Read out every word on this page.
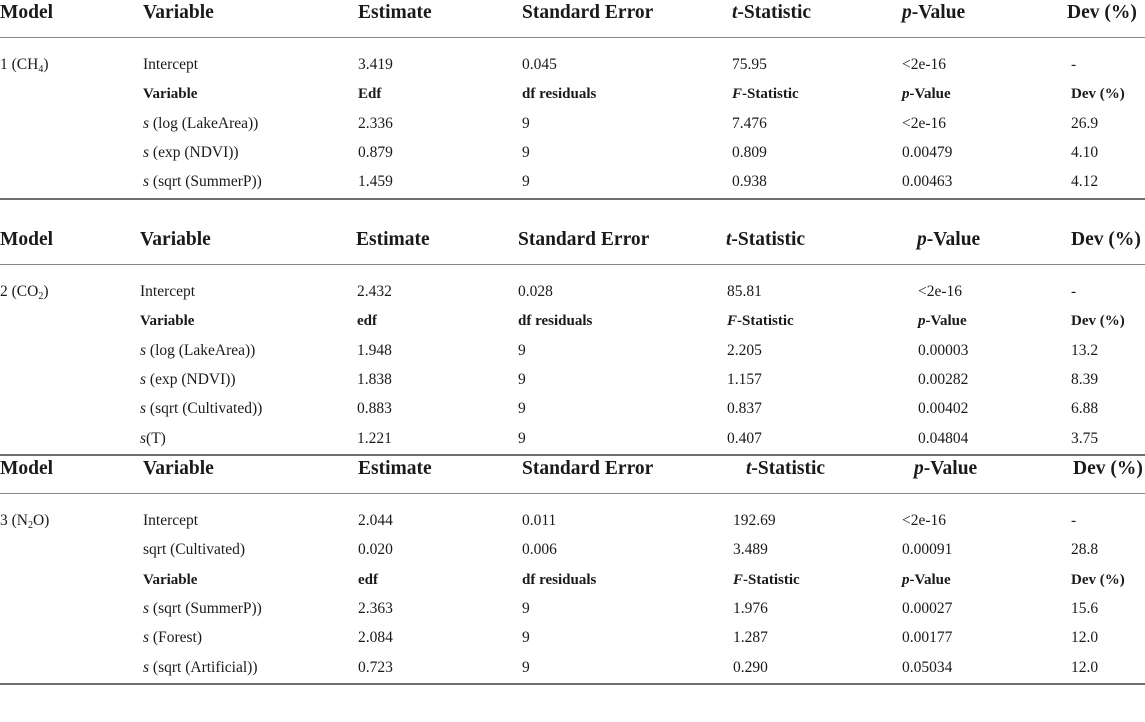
Model	Variable	Estimate	Standard Error	t-Statistic	p-Value	Dev (%)
1 $(CH_4)$	Intercept	3.419	0.045	75.95	<2e-16	-
Variable	Edf	df residuals	F-Statistic	p-Value	Dev (%)
s (log (LakeArea))	2.336	9	7.476	<2e-16	26.9
s (exp (NDVI))	0.879	9	0.809	0.00479	4.10
s (sqrt (SummerP))	1.459	9	0.938	0.00463	4.12
Model	Variable	Estimate	Standard Error	t-Statistic	p-Value	Dev (%)
2 $(CO_2)$	Intercept	2.432	0.028	85.81	<2e-16	-
Variable	edf	df residuals	F-Statistic	p-Value	Dev (%)
s (log (LakeArea))	1.948	9	2.205	0.00003	13.2
s (exp (NDVI))	1.838	9	1.157	0.00282	8.39
s (sqrt (Cultivated))	0.883	9	0.837	0.00402	6.88
s(T)	1.221	9	0.407	0.04804	3.75
Model	Variable	Estimate	Standard Error	t-Statistic	p-Value	Dev (%)
3 $(N_2O)$	Intercept	2.044	0.011	192.69	<2e-16	-
sqrt (Cultivated)	0.020	0.006	3.489	0.00091	28.8
Variable	edf	df residuals	F-Statistic	p-Value	Dev (%)
s (sqrt (SummerP))	2.363	9	1.976	0.00027	15.6
s (Forest)	2.084	9	1.287	0.00177	12.0
s (sqrt (Artificial))	0.723	9	0.290	0.05034	12.0
